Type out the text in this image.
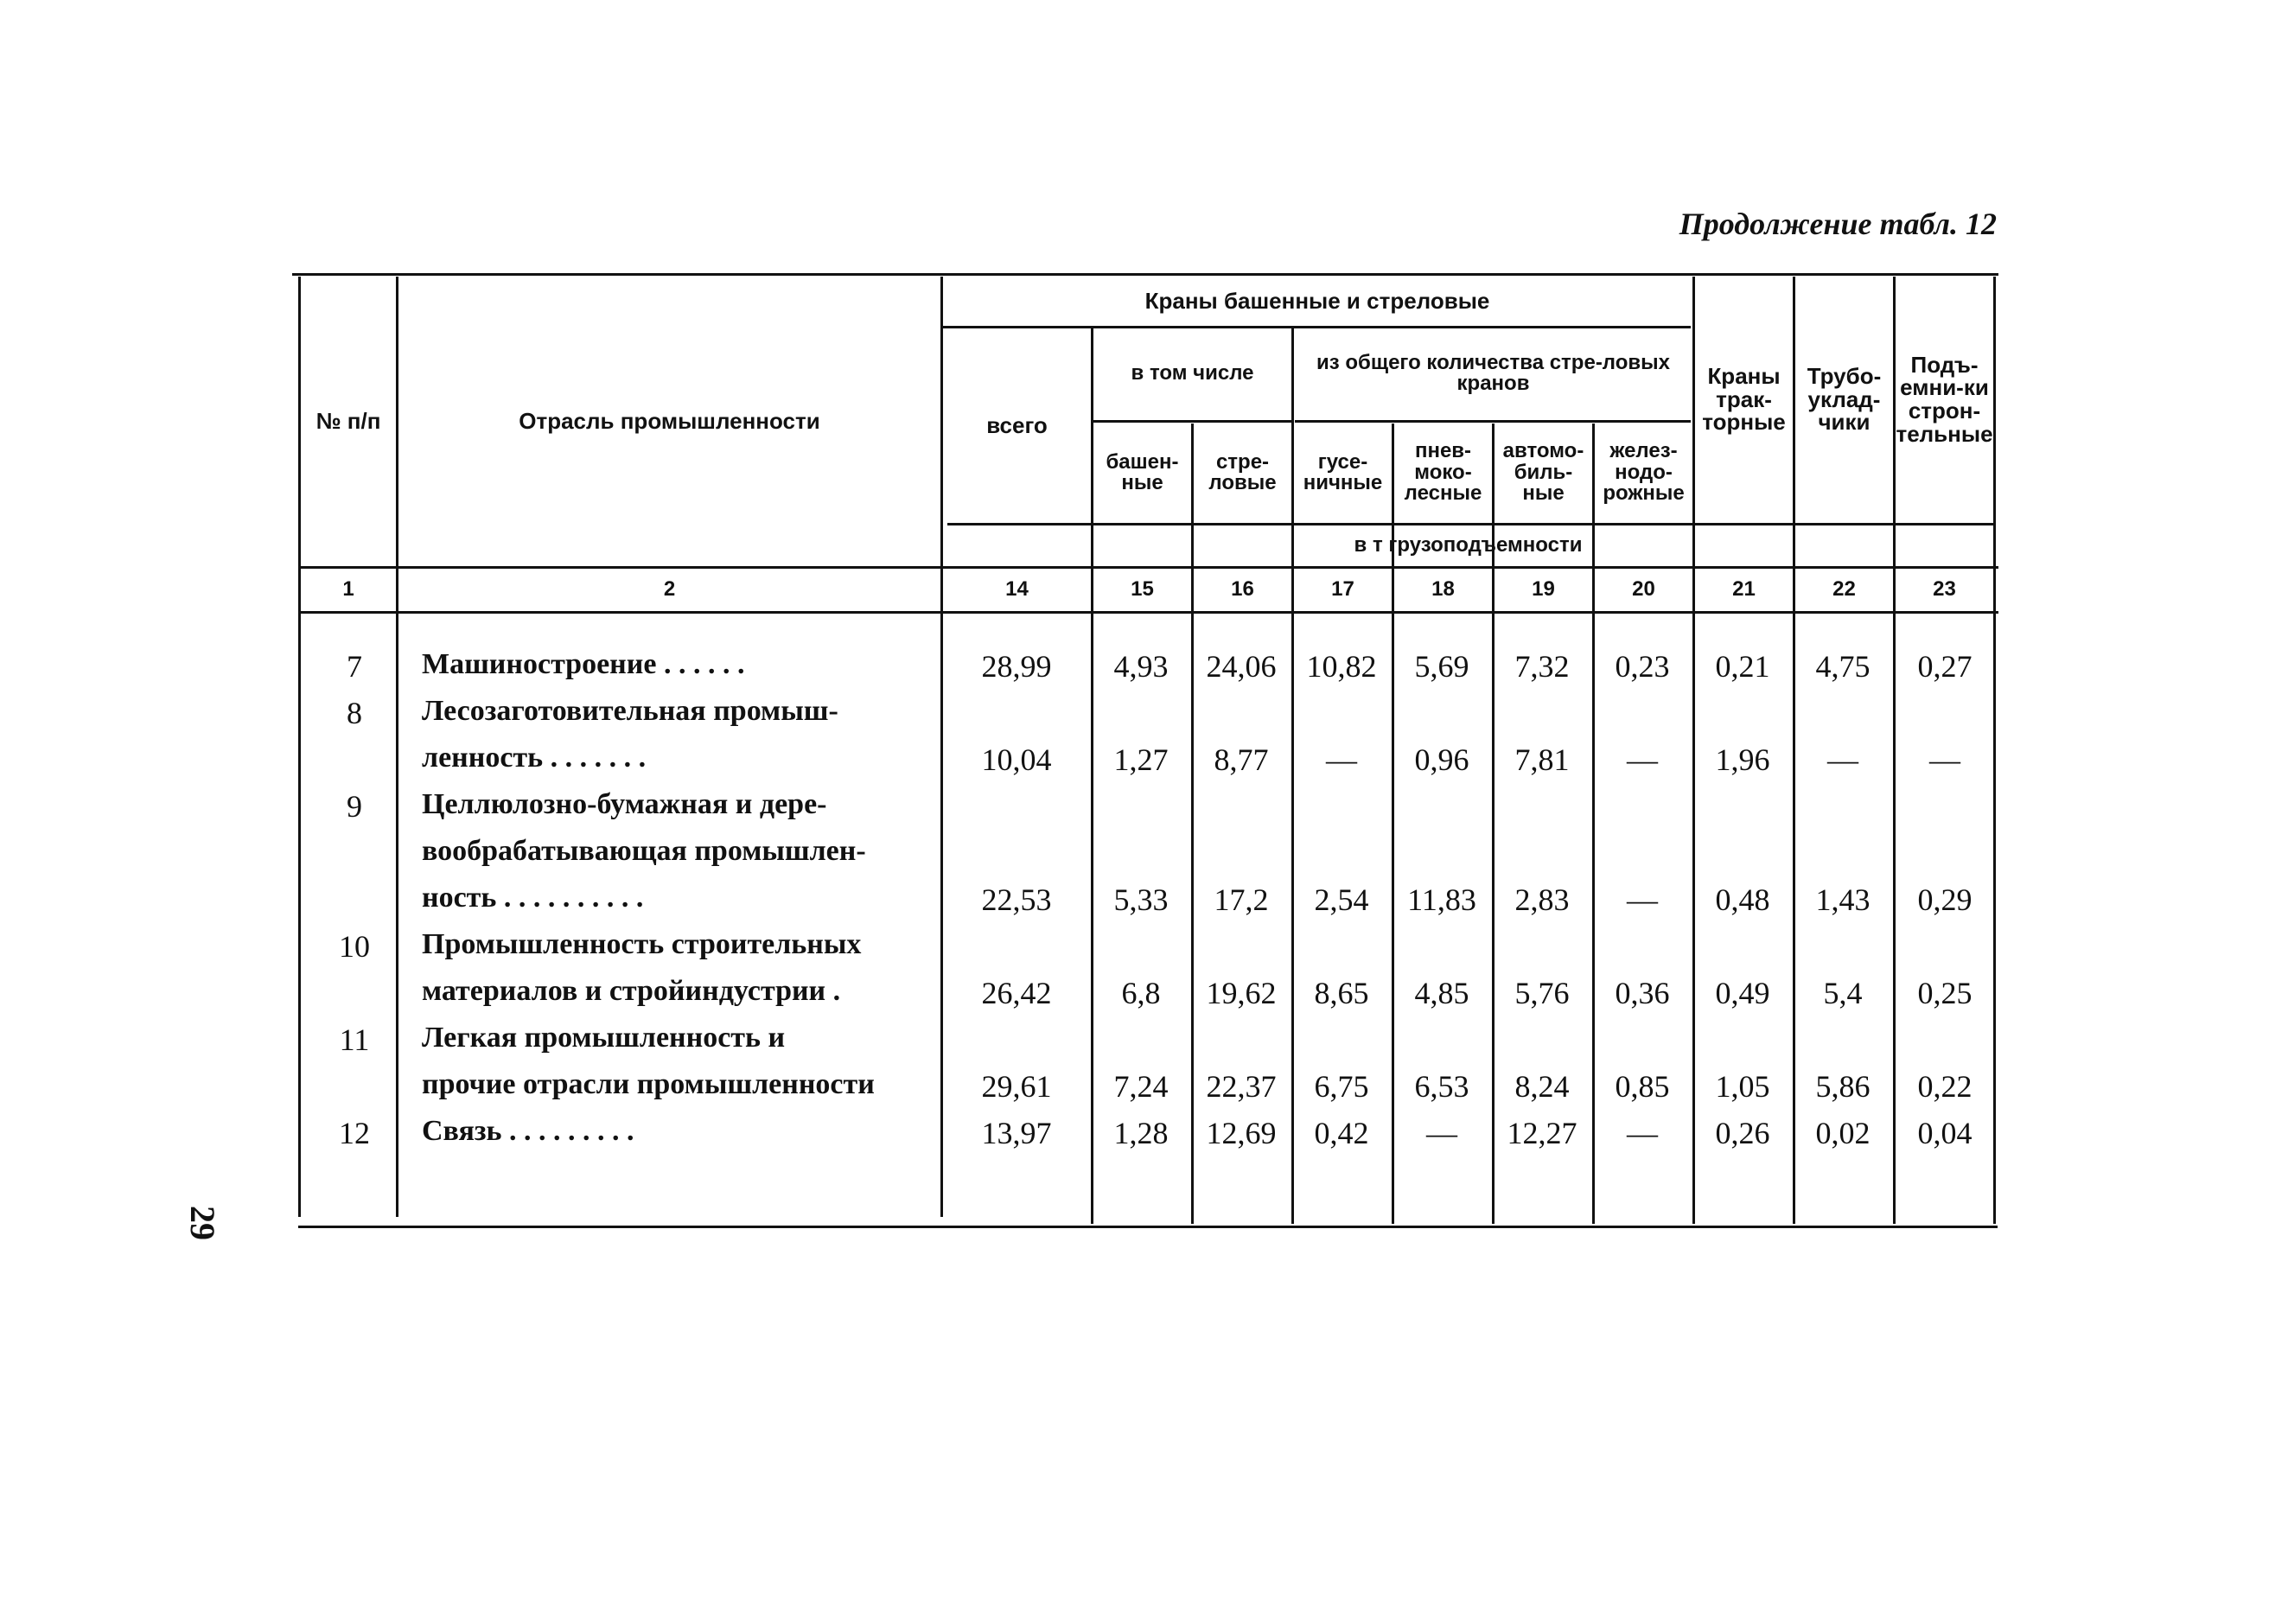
Продолжение табл. 12
29
№ п/п	Отрасль промышленности
Краны башенные и стреловые
всего
в том числе
башен-ные
стре-ловые
из общего количества стре-ловых кранов
гусе-ничные
пнев-моко-лесные
автомо-биль-ные
желез-нодо-рожные
Краны трак-торные
Трубо-уклад-чики
Подъ-емни-ки строн-тельные
в т грузоподъемности
1	2	14	15	16	17	18	19	20	21	22	23
7	Машиностроение . . . . . .	28,99	4,93	24,06 10,82	5,69	7,32	0,23	0,21	4,75	0,27
8	Лесозаготовительная промыш-
ленность . . . . . . .	10,04	1,27	8,77	—	0,96	7,81	—	1,96	—	—
9	Целлюлозно-бумажная и дере-
вообрабатывающая промышлен-
ность . . . . . . . . . .	22,53	5,33	17,2	2,54	11,83	2,83	—	0,48	1,43	0,29
10	Промышленность строительных
материалов и стройиндустрии .	26,42	6,8	19,62	8,65	4,85	5,76	0,36	0,49	5,4	0,25
11	Легкая промышленность и
прочие отрасли промышленности	29,61	7,24	22,37	6,75	6,53	8,24	0,85	1,05	5,86	0,22
12	Связь . . . . . . . . .	13,97	1,28	12,69	0,42	—	12,27	—	0,26	0,02	0,04
